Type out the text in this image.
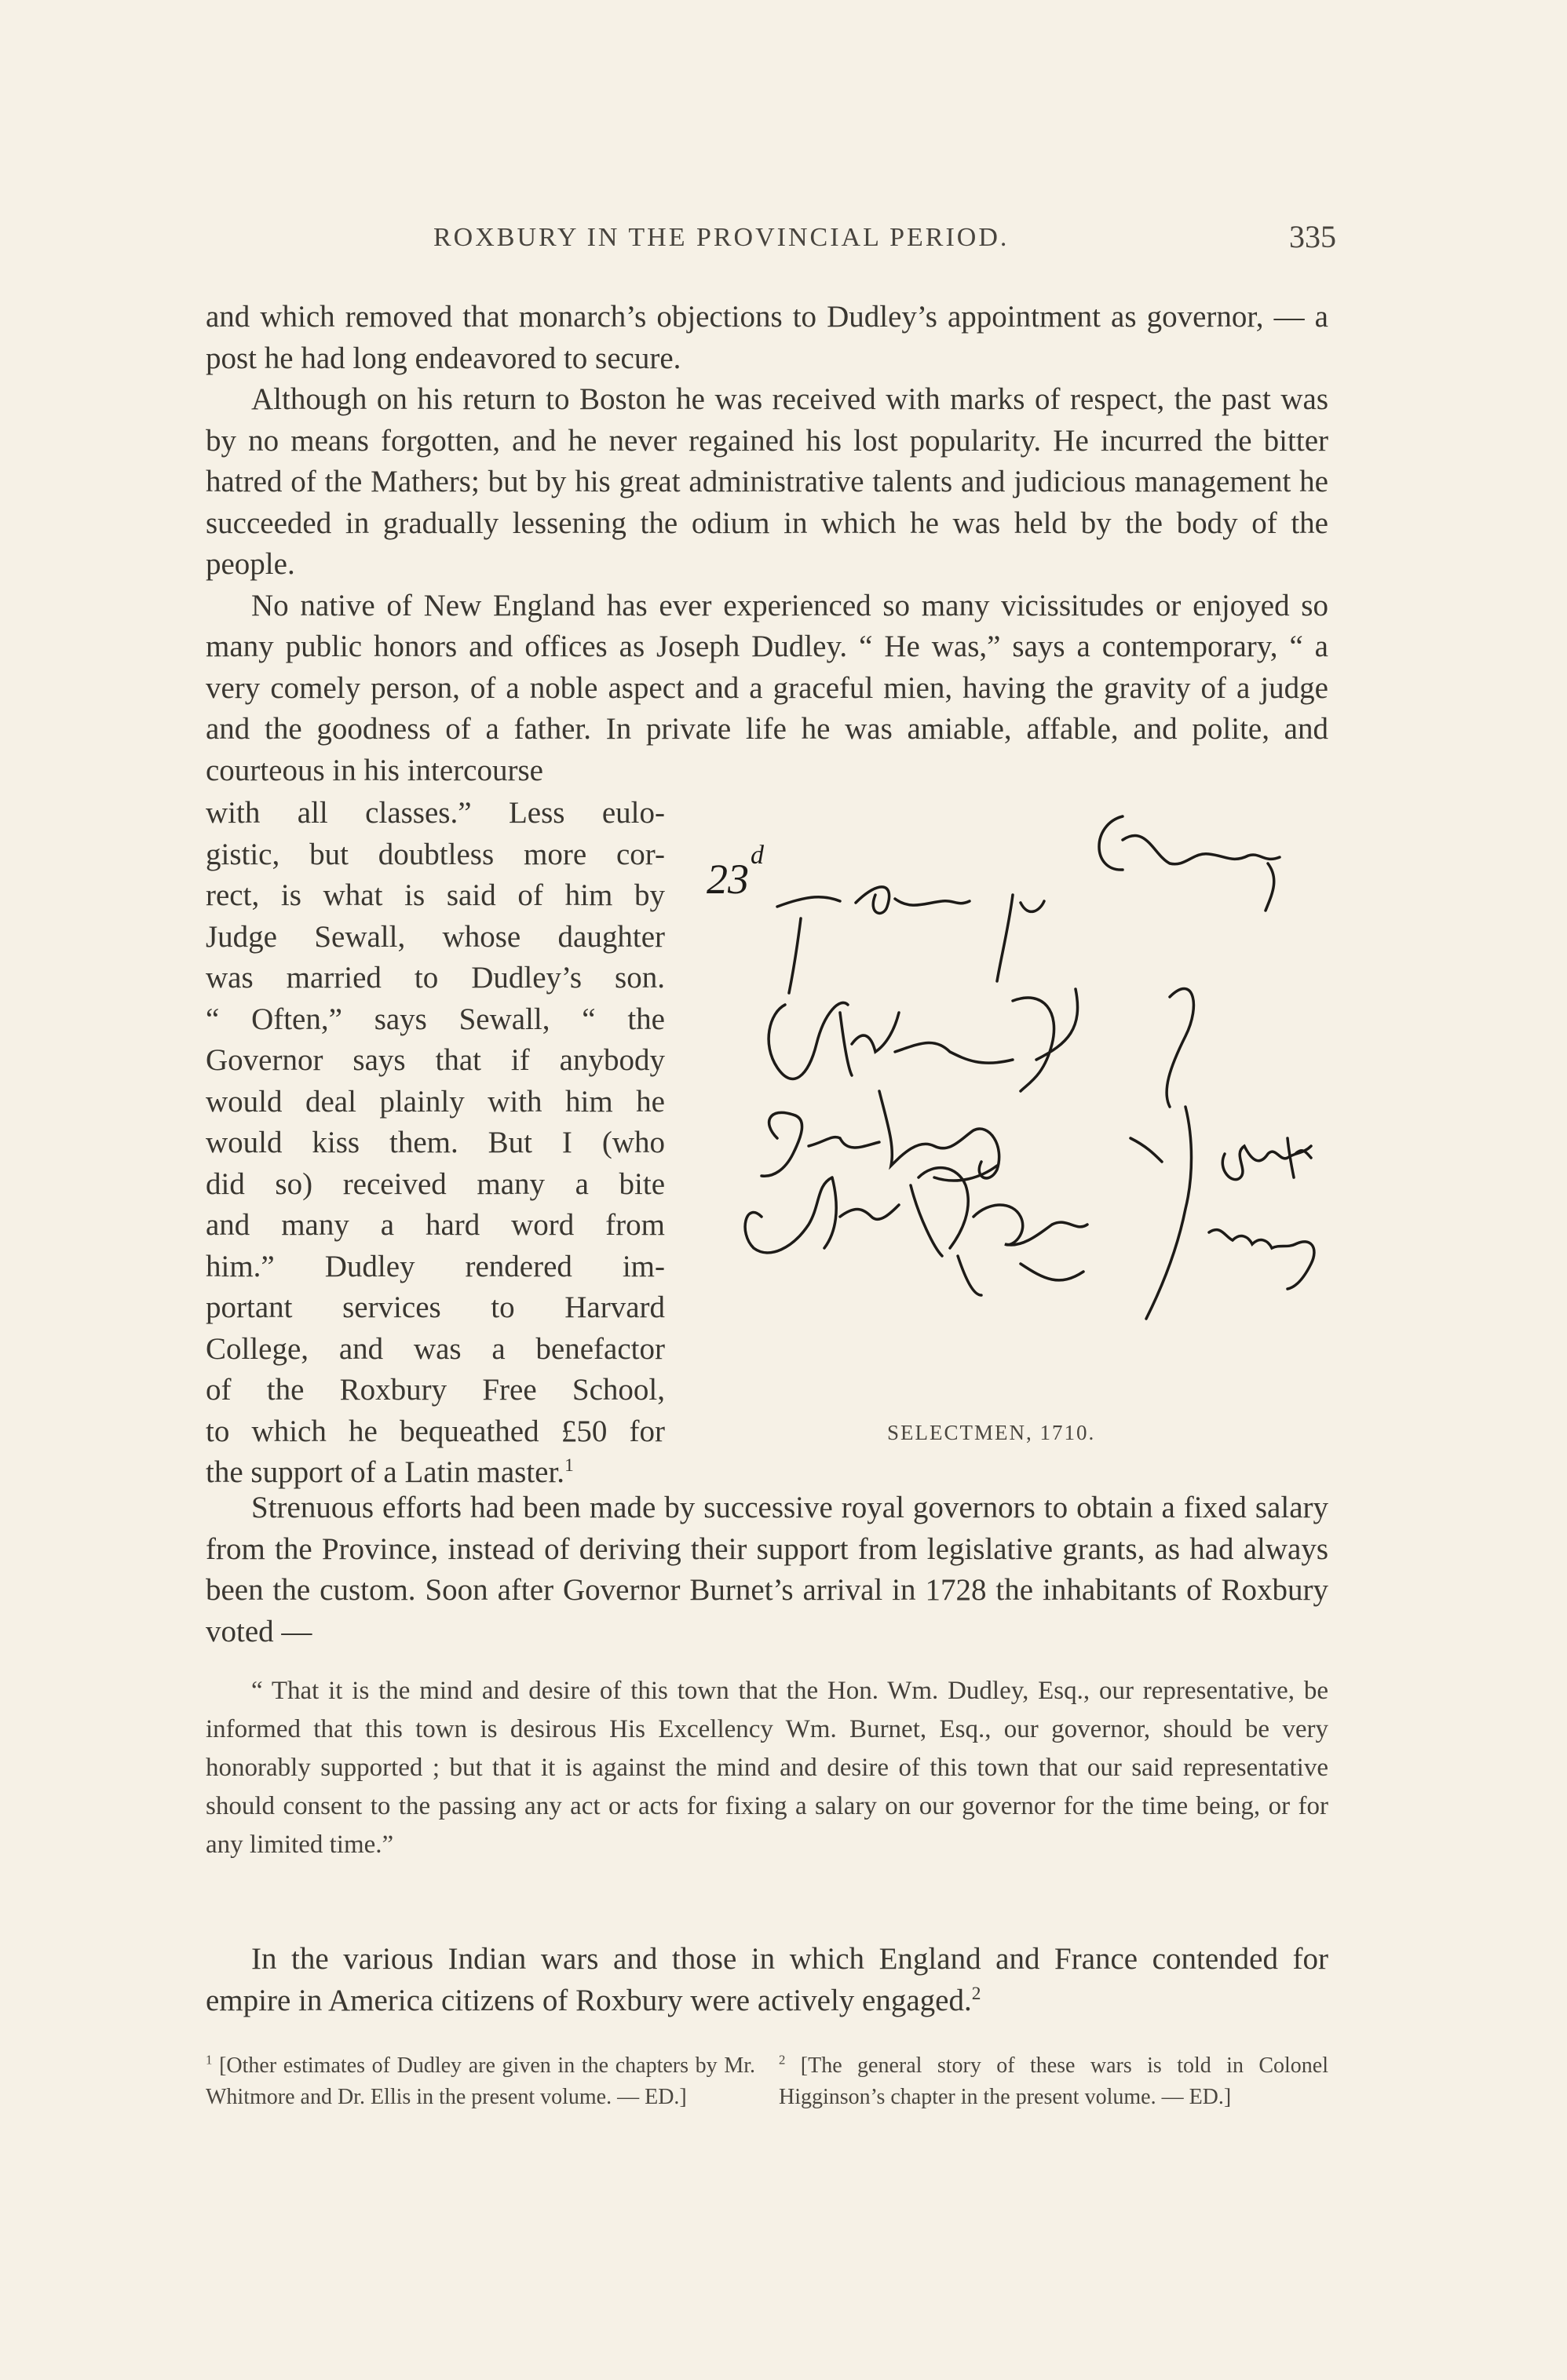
ROXBURY IN THE PROVINCIAL PERIOD.	335

and which removed that monarch’s objections to Dudley’s appointment as governor, — a post he had long endeavored to secure.

Although on his return to Boston he was received with marks of respect, the past was by no means forgotten, and he never regained his lost popularity. He incurred the bitter hatred of the Mathers; but by his great administrative talents and judicious management he succeeded in gradually lessening the odium in which he was held by the body of the people.

No native of New England has ever experienced so many vicissitudes or enjoyed so many public honors and offices as Joseph Dudley. “ He was,” says a contemporary, “ a very comely person, of a noble aspect and a graceful mien, having the gravity of a judge and the goodness of a father. In private life he was amiable, affable, and polite, and courteous in his intercourse

with all classes.” Less eulo-
gistic, but doubtless more cor-
rect, is what is said of him by
Judge Sewall, whose daughter
was married to Dudley’s son.
“ Often,” says Sewall, “ the
Governor says that if anybody
would deal plainly with him he
would kiss them. But I (who
did so) received many a bite
and many a hard word from
him.” Dudley rendered im-
portant services to Harvard
College, and was a benefactor
of the Roxbury Free School,
to which he bequeathed £50 for
the support of a Latin master.$^1$
23
d
SELECTMEN, 1710.

Strenuous efforts had been made by successive royal governors to obtain a fixed salary from the Province, instead of deriving their support from legislative grants, as had always been the custom. Soon after Governor Burnet’s arrival in 1728 the inhabitants of Roxbury voted —

“ That it is the mind and desire of this town that the Hon. Wm. Dudley, Esq., our representative, be informed that this town is desirous His Excellency Wm. Burnet, Esq., our governor, should be very honorably supported ; but that it is against the mind and desire of this town that our said representative should consent to the passing any act or acts for fixing a salary on our governor for the time being, or for any limited time.”

In the various Indian wars and those in which England and France contended for empire in America citizens of Roxbury were actively engaged.$^2$

$^1$ [Other estimates of Dudley are given in the chapters by Mr. Whitmore and Dr. Ellis in the present volume. — ED.]
$^2$ [The general story of these wars is told in Colonel Higginson’s chapter in the present volume. — ED.]
